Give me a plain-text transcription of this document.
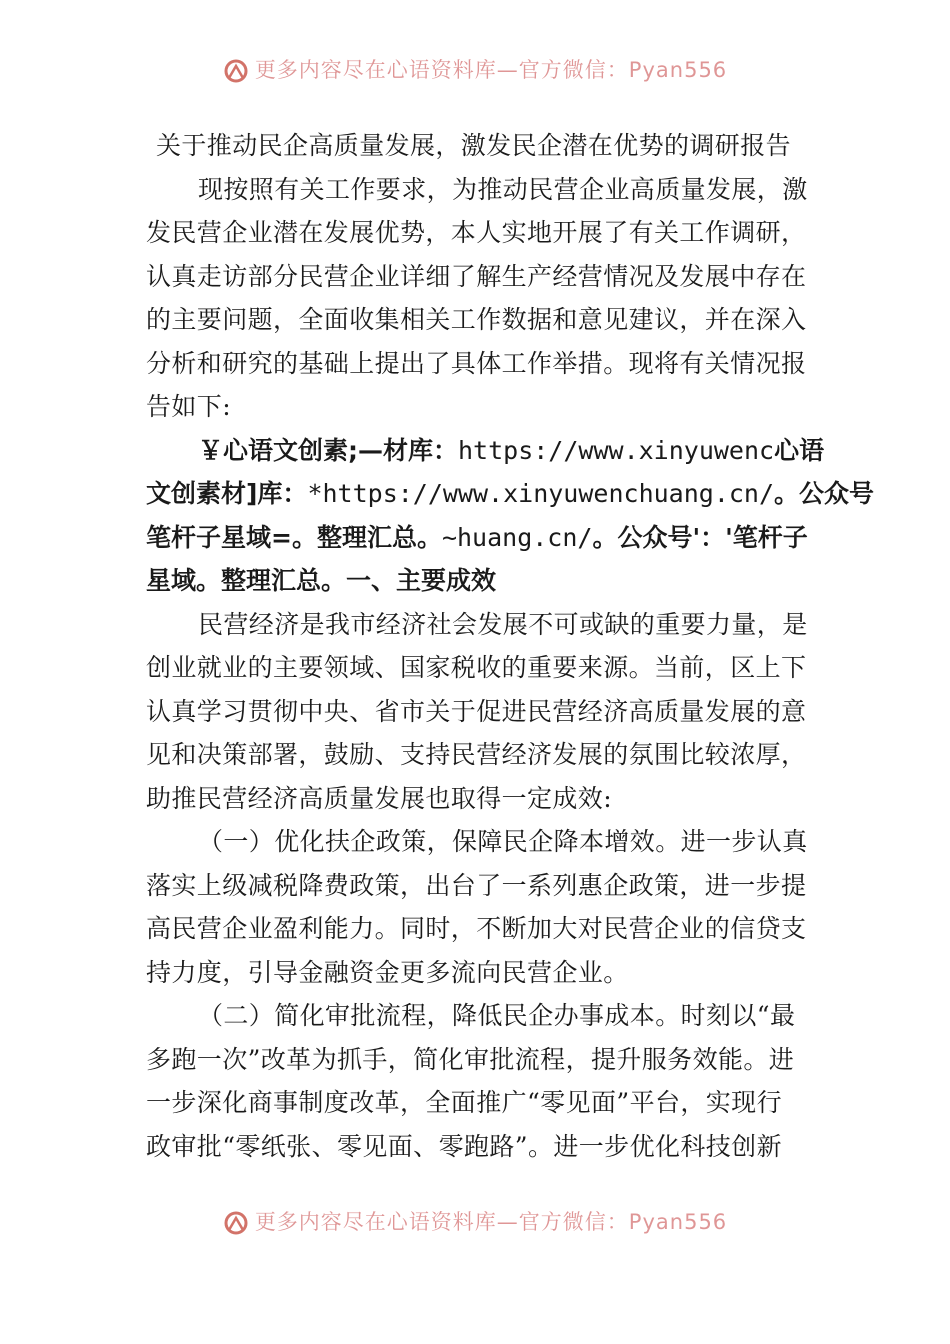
更多内容尽在心语资料库—官方微信：Pyan556
关于推动民企高质量发展，激发民企潜在优势的调研报告
现按照有关工作要求，为推动民营企业高质量发展，激
发民营企业潜在发展优势，本人实地开展了有关工作调研，
认真走访部分民营企业详细了解生产经营情况及发展中存在
的主要问题，全面收集相关工作数据和意见建议，并在深入
分析和研究的基础上提出了具体工作举措。现将有关情况报
告如下:
￥心语文创素;—材库：https://www.xinyuwenc心语
文创素材]库：*https://www.xinyuwenchuang.cn/。公众号
笔杆子星域=。整理汇总。~huang.cn/。公众号'：'笔杆子
星域。整理汇总。一、主要成效
民营经济是我市经济社会发展不可或缺的重要力量，是
创业就业的主要领域、国家税收的重要来源。当前，区上下
认真学习贯彻中央、省市关于促进民营经济高质量发展的意
见和决策部署，鼓励、支持民营经济发展的氛围比较浓厚，
助推民营经济高质量发展也取得一定成效:
（一）优化扶企政策，保障民企降本增效。进一步认真
落实上级减税降费政策，出台了一系列惠企政策，进一步提
高民营企业盈利能力。同时，不断加大对民营企业的信贷支
持力度，引导金融资金更多流向民营企业。
（二）简化审批流程，降低民企办事成本。时刻以“最
多跑一次”改革为抓手，简化审批流程，提升服务效能。进
一步深化商事制度改革，全面推广“零见面”平台，实现行
政审批“零纸张、零见面、零跑路”。进一步优化科技创新
更多内容尽在心语资料库—官方微信：Pyan556
